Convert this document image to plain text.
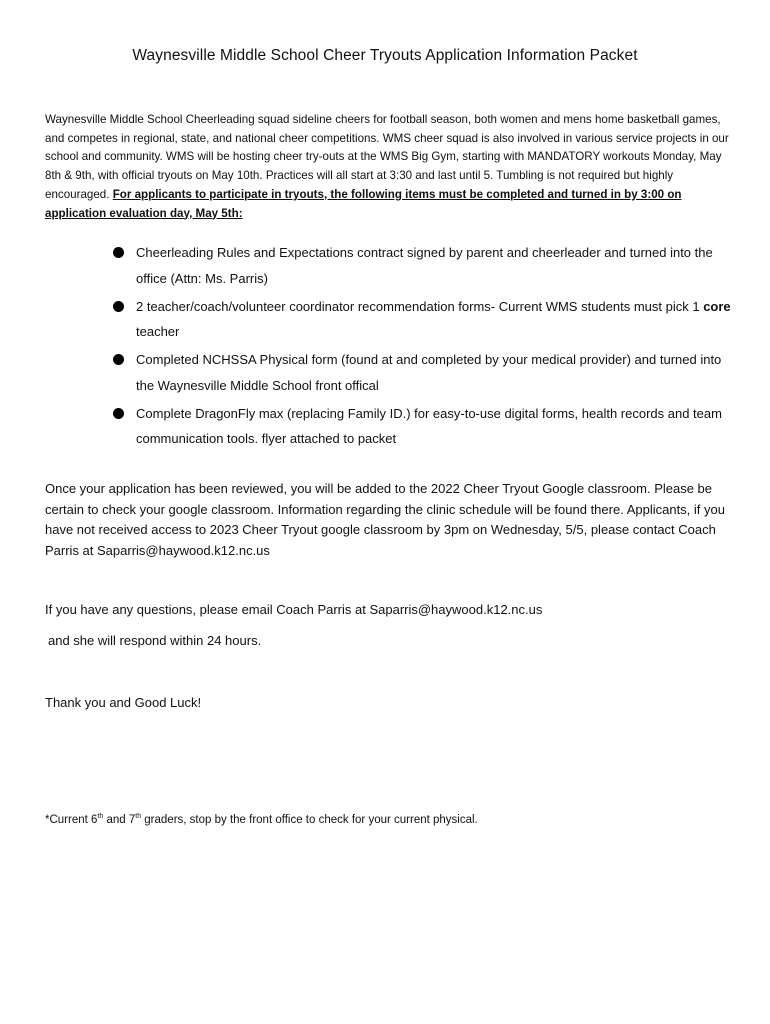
Waynesville Middle School Cheer Tryouts Application Information Packet
Waynesville Middle School Cheerleading squad sideline cheers for football season, both women and mens home basketball games, and competes in regional, state, and national cheer competitions. WMS cheer squad is also involved in various service projects in our school and community. WMS will be hosting cheer try-outs at the WMS Big Gym, starting with MANDATORY workouts Monday, May 8th & 9th, with official tryouts on May 10th. Practices will all start at 3:30 and last until 5. Tumbling is not required but highly encouraged. For applicants to participate in tryouts, the following items must be completed and turned in by 3:00 on application evaluation day, May 5th:
Cheerleading Rules and Expectations contract signed by parent and cheerleader and turned into the office (Attn: Ms. Parris)
2 teacher/coach/volunteer coordinator recommendation forms- Current WMS students must pick 1 core teacher
Completed NCHSSA Physical form (found at and completed by your medical provider) and turned into the Waynesville Middle School front offical
Complete DragonFly max (replacing Family ID.) for easy-to-use digital forms, health records and team communication tools. flyer attached to packet
Once your application has been reviewed, you will be added to the 2022 Cheer Tryout Google classroom. Please be certain to check your google classroom. Information regarding the clinic schedule will be found there. Applicants, if you have not received access to 2023 Cheer Tryout google classroom by 3pm on Wednesday, 5/5, please contact Coach Parris at Saparris@haywood.k12.nc.us
If you have any questions, please email Coach Parris at Saparris@haywood.k12.nc.us
and she will respond within 24 hours.
Thank you and Good Luck!
*Current 6th and 7th graders, stop by the front office to check for your current physical.
